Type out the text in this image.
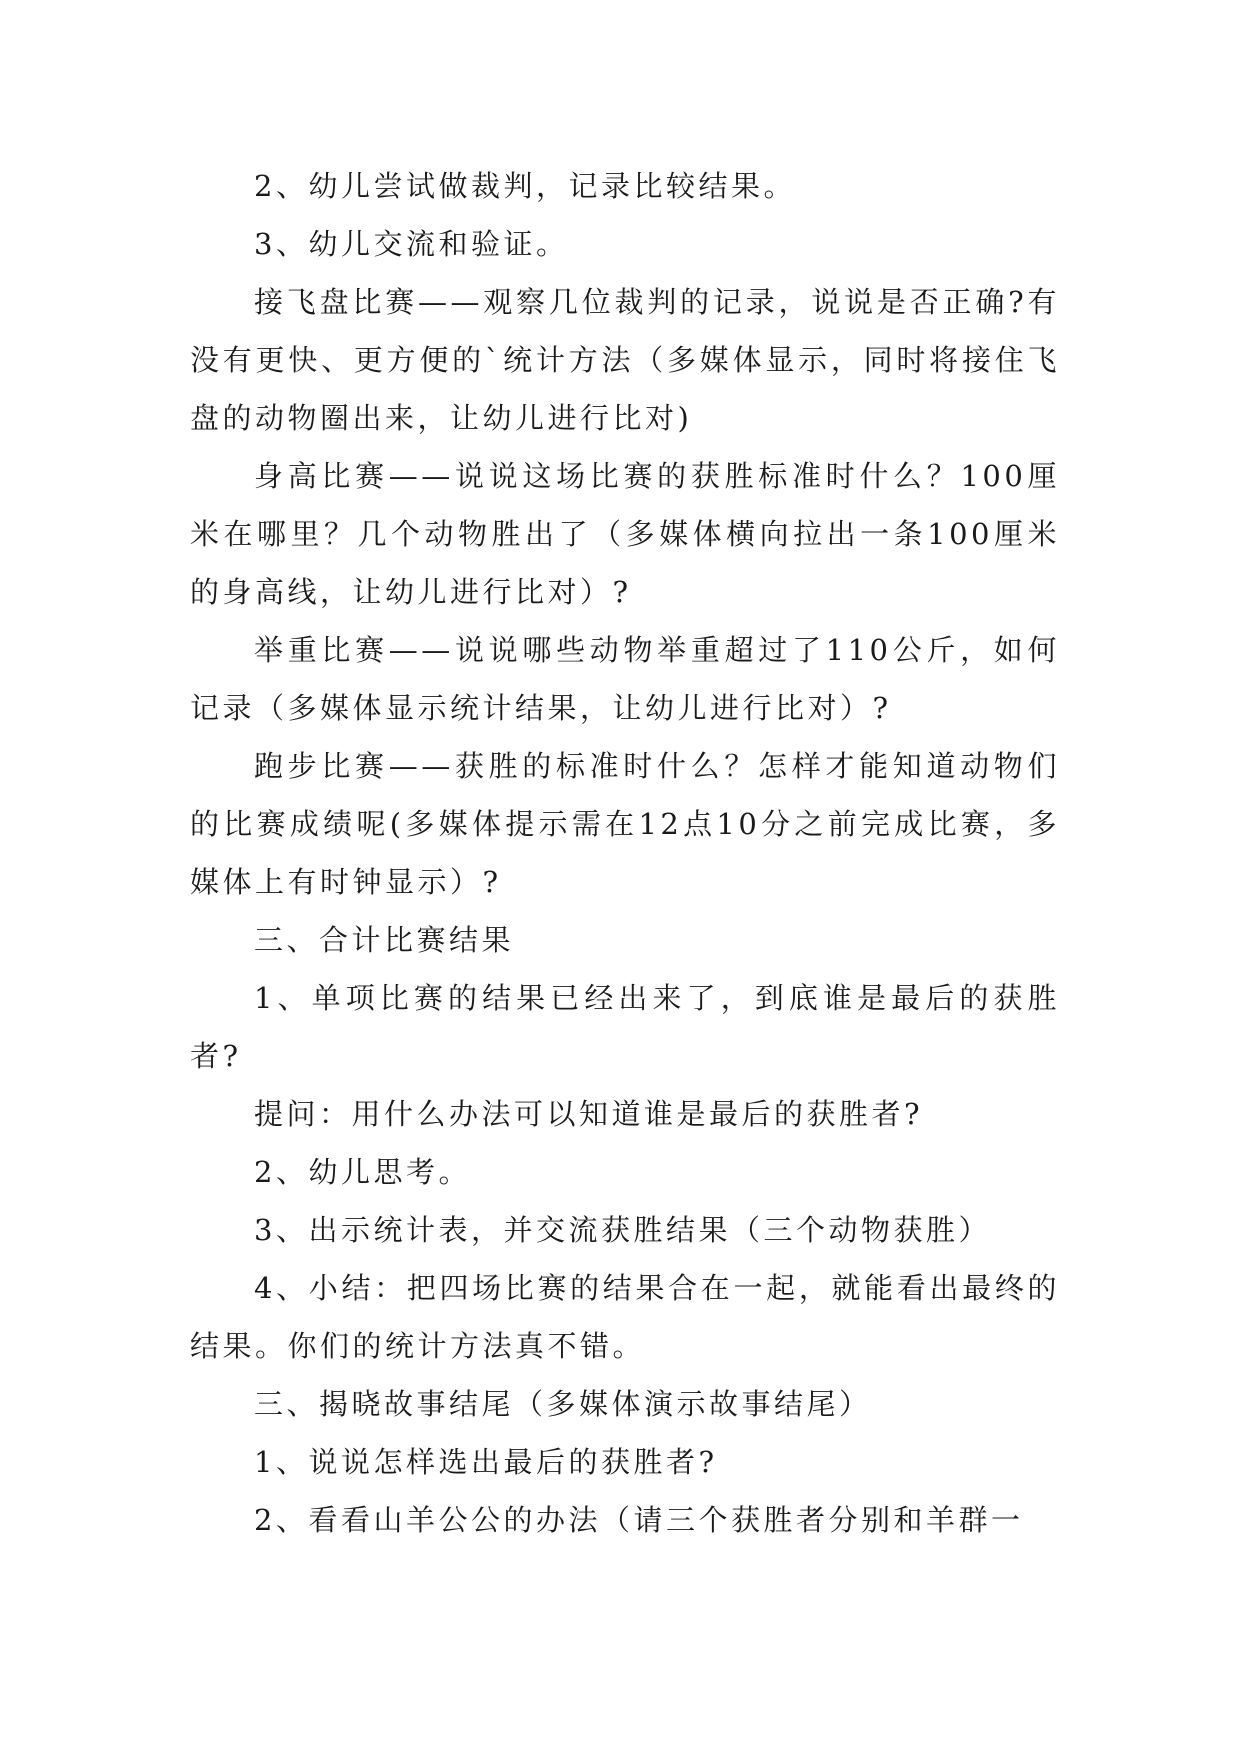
2、幼儿尝试做裁判，记录比较结果。

3、幼儿交流和验证。

接飞盘比赛——观察几位裁判的记录，说说是否正确?有没有更快、更方便的`统计方法（多媒体显示，同时将接住飞盘的动物圈出来，让幼儿进行比对)

身高比赛——说说这场比赛的获胜标准时什么？100厘米在哪里？几个动物胜出了（多媒体横向拉出一条100厘米的身高线，让幼儿进行比对）?

举重比赛——说说哪些动物举重超过了110公斤，如何记录（多媒体显示统计结果，让幼儿进行比对）?

跑步比赛——获胜的标准时什么？怎样才能知道动物们的比赛成绩呢(多媒体提示需在12点10分之前完成比赛，多媒体上有时钟显示）?

三、合计比赛结果

1、单项比赛的结果已经出来了，到底谁是最后的获胜者?

提问：用什么办法可以知道谁是最后的获胜者?

2、幼儿思考。

3、出示统计表，并交流获胜结果（三个动物获胜）

4、小结：把四场比赛的结果合在一起，就能看出最终的结果。你们的统计方法真不错。

三、揭晓故事结尾（多媒体演示故事结尾）

1、说说怎样选出最后的获胜者?

2、看看山羊公公的办法（请三个获胜者分别和羊群一
